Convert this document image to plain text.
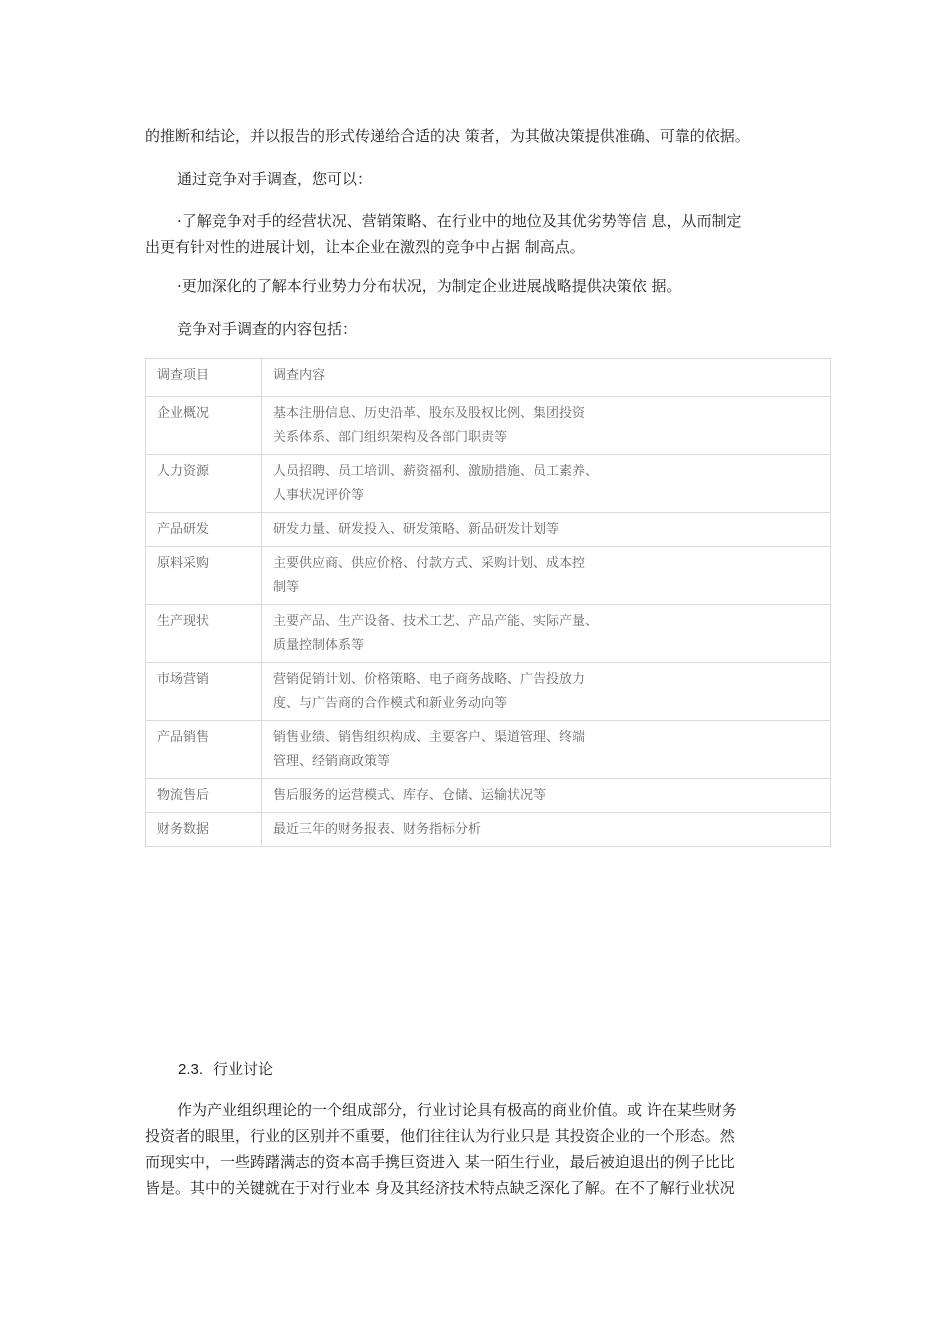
的推断和结论，并以报告的形式传递给合适的决 策者，为其做决策提供准确、可靠的依据。

通过竞争对手调查，您可以：

·了解竞争对手的经营状况、营销策略、在行业中的地位及其优劣势等信 息，从而制定
出更有针对性的进展计划，让本企业在激烈的竞争中占据 制高点。

·更加深化的了解本行业势力分布状况，为制定企业进展战略提供决策依 据。

竞争对手调查的内容包括：

调查项目	调查内容
企业概况	基本注册信息、历史沿革、股东及股权比例、集团投资
关系体系、部门组织架构及各部门职责等

人力资源	人员招聘、员工培训、薪资福利、激励措施、员工素养、
人事状况评价等

产品研发	研发力量、研发投入、研发策略、新品研发计划等

原料采购	主要供应商、供应价格、付款方式、采购计划、成本控
制等

生产现状	主要产品、生产设备、技术工艺、产品产能、实际产量、
质量控制体系等

市场营销	营销促销计划、价格策略、电子商务战略、广告投放力
度、与广告商的合作模式和新业务动向等

产品销售	销售业绩、销售组织构成、主要客户、渠道管理、终端
管理、经销商政策等

物流售后	售后服务的运营模式、库存、仓储、运输状况等

财务数据	最近三年的财务报表、财务指标分析
2.3. 行业讨论

作为产业组织理论的一个组成部分，行业讨论具有极高的商业价值。或 许在某些财务
投资者的眼里，行业的区别并不重要，他们往往认为行业只是 其投资企业的一个形态。然
而现实中，一些踌躇满志的资本高手携巨资进入 某一陌生行业，最后被迫退出的例子比比
皆是。其中的关键就在于对行业本 身及其经济技术特点缺乏深化了解。在不了解行业状况
